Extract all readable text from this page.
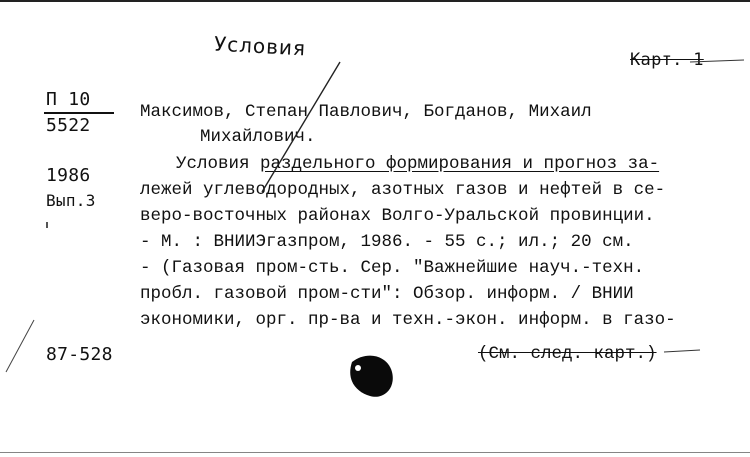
Условия	Карт. 1
П 10
5522
1986
Вып.3
Максимов, Степан Павлович, Богданов, Михаил
Михайлович.
Условия раздельного формирования и прогноз за-
лежей углеводородных, азотных газов и нефтей в се-
веро-восточных районах Волго-Уральской провинции.
- М. : ВНИИЭгазпром, 1986. - 55 с.; ил.; 20 см.
- (Газовая пром-сть. Сер. "Важнейшие науч.-техн.
пробл. газовой пром-сти": Обзор. информ. / ВНИИ
экономики, орг. пр-ва и техн.-экон. информ. в газо-
87-528	(См. след. карт.)
